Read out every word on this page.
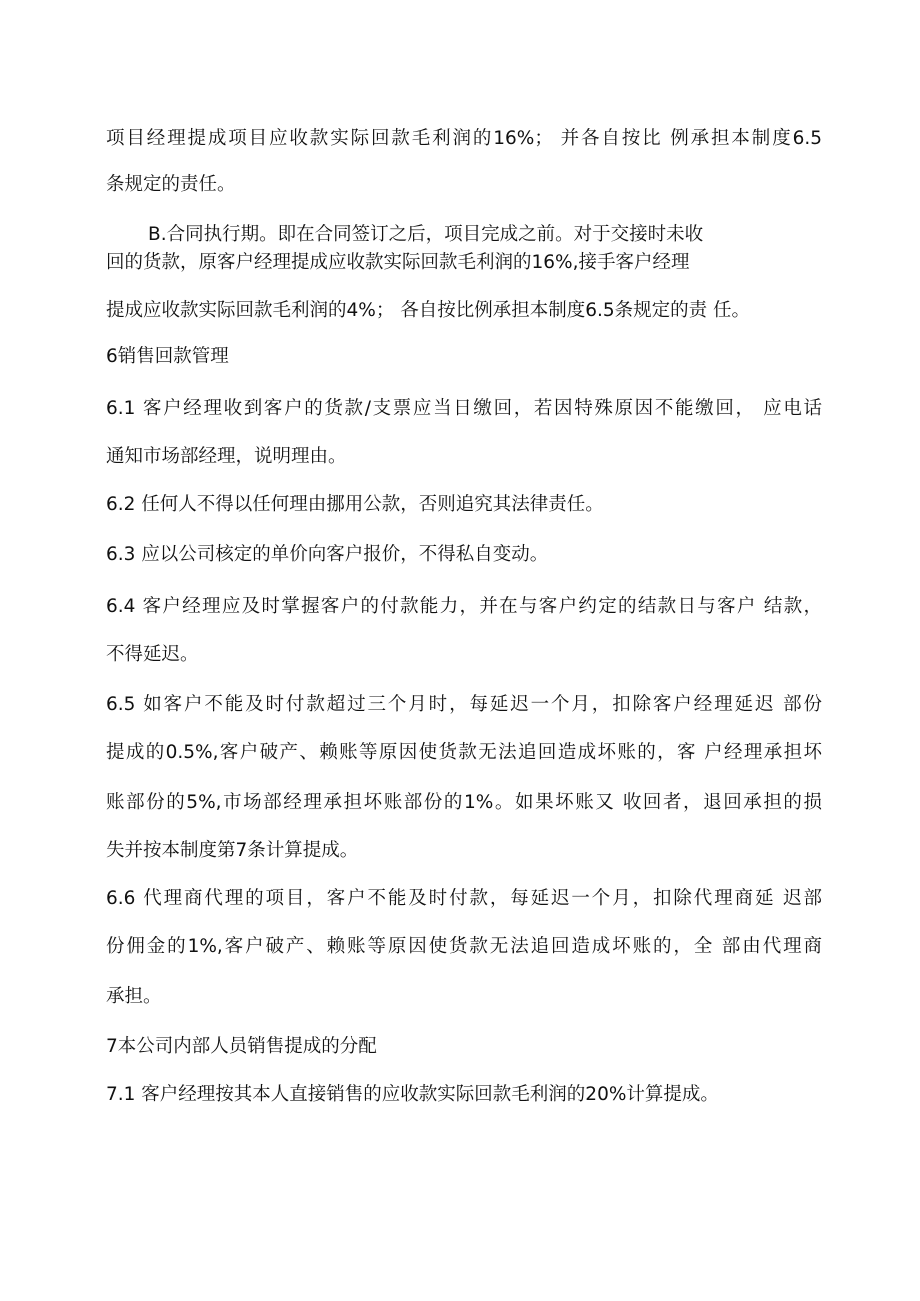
项目经理提成项目应收款实际回款毛利润的16%； 并各自按比 例承担本制度6.5

条规定的责任。

B.合同执行期。即在合同签订之后，项目完成之前。对于交接时未收

回的货款，原客户经理提成应收款实际回款毛利润的16%,接手客户经理

提成应收款实际回款毛利润的4%； 各自按比例承担本制度6.5条规定的责 任。

6销售回款管理

6.1 客户经理收到客户的货款/支票应当日缴回，若因特殊原因不能缴回， 应电话

通知市场部经理，说明理由。

6.2 任何人不得以任何理由挪用公款，否则追究其法律责任。

6.3 应以公司核定的单价向客户报价，不得私自变动。

6.4 客户经理应及时掌握客户的付款能力，并在与客户约定的结款日与客户 结款，

不得延迟。

6.5 如客户不能及时付款超过三个月时，每延迟一个月，扣除客户经理延迟 部份

提成的0.5%,客户破产、赖账等原因使货款无法追回造成坏账的，客 户经理承担坏

账部份的5%,市场部经理承担坏账部份的1%。如果坏账又 收回者，退回承担的损

失并按本制度第7条计算提成。

6.6 代理商代理的项目，客户不能及时付款，每延迟一个月，扣除代理商延 迟部

份佣金的1%,客户破产、赖账等原因使货款无法追回造成坏账的，全 部由代理商

承担。

7本公司内部人员销售提成的分配

7.1 客户经理按其本人直接销售的应收款实际回款毛利润的20%计算提成。
